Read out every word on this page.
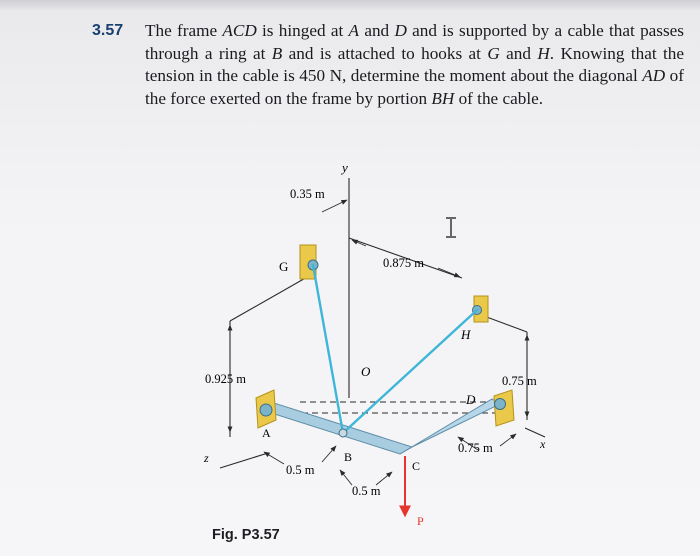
3.57 The frame ACD is hinged at A and D and is supported by a cable that passes through a ring at B and is attached to hooks at G and H. Knowing that the tension in the cable is 450 N, determine the moment about the diagonal AD of the force exerted on the frame by portion BH of the cable.
y
x
z
O
G
H
A
B
C
D
P
0.35 m
0.875 m
0.925 m	0.75 m
0.75 m
0.5 m
0.5 m
Fig. P3.57
